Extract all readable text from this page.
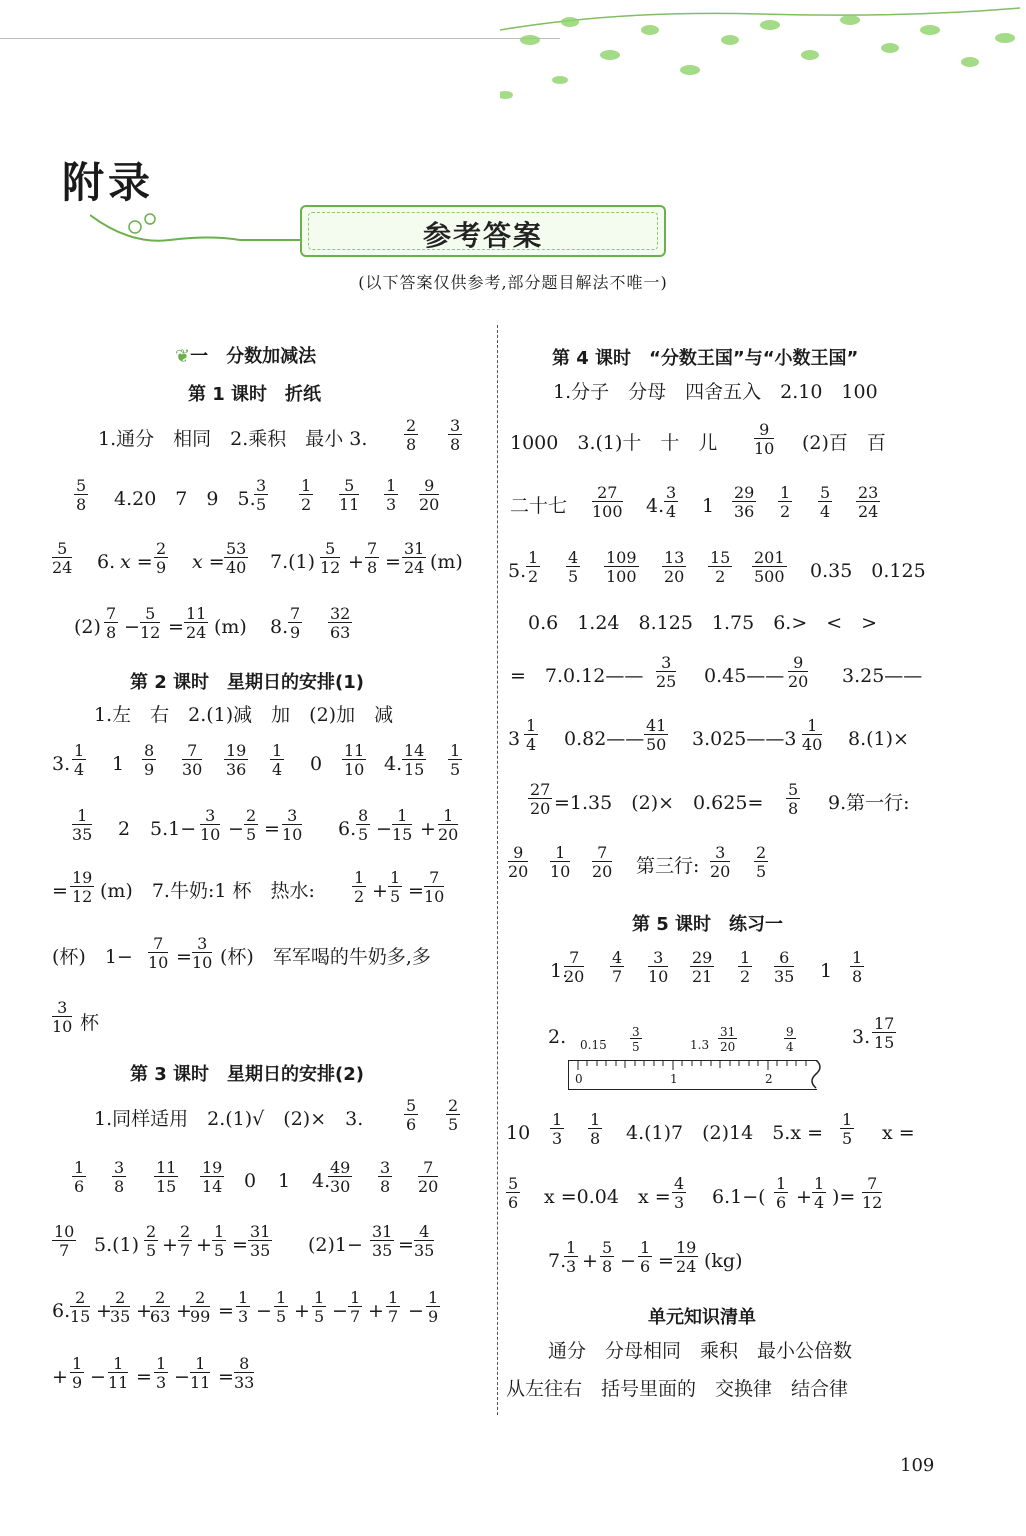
附录
参考答案
(以下答案仅供参考,部分题目解法不唯一)
❦一　分数加减法
第 1 课时　折纸
1.通分　相同　2.乘积　最小 3. $\frac{2}{8} \frac{3}{8}$
$\frac{5}{8} 4.20$　7　9　5.
$\frac{3}{5} \frac{1}{2} \frac{5}{11} \frac{1}{3} \frac{9}{20}$
$\frac{5}{24} 6$. $x = \frac{2}{9}$ $x = \frac{53}{40} 7.(1) \frac{5}{12} + \frac{7}{8} = \frac{31}{24} (m)$
$(2) \frac{7}{8} - \frac{5}{12} = \frac{11}{24} (m)$ 8. $\frac{7}{9} \frac{32}{63}$
第 2 课时　星期日的安排(1)
1.左　右　2.(1)减　加　(2)加　减
3. $\frac{1}{4} 1 \frac{8}{9} \frac{7}{30} \frac{19}{36} \frac{1}{4} 0 \frac{11}{10} 4$. $\frac{14}{15} \frac{1}{5}$
$\frac{1}{35} 2$ $5.1- \frac{3}{10} - \frac{2}{5} = \frac{3}{10} 6$. $\frac{8}{5} - \frac{1}{15} + \frac{1}{20}$
= $\frac{19}{12} (m)$　7.牛奶:1 杯　热水: $\frac{1}{2} + \frac{1}{5} = \frac{7}{10}$
(杯)　$1- \frac{7}{10} = \frac{3}{10}$ (杯)　军军喝的牛奶多,多
$\frac{3}{10}$ 杯
第 3 课时　星期日的安排(2)
1.同样适用　2.(1)√　(2)×　3.	$\frac{5}{6} \frac{2}{5}$
$\frac{1}{6} \frac{3}{8} \frac{11}{15} \frac{19}{14} 0$ 1 4.
$\frac{49}{30} \frac{3}{8} \frac{7}{20}$
$\frac{10}{7} 5.(1) \frac{2}{5} + \frac{2}{7} + \frac{1}{5} = \frac{31}{35} (2)1- \frac{31}{35} = \frac{4}{35}$
6. $\frac{2}{15}$ +
$\frac{2}{35}$ +
$\frac{2}{63}$ +
$\frac{2}{99} = \frac{1}{3} - \frac{1}{5} + \frac{1}{5} - \frac{1}{7} + \frac{1}{7} - \frac{1}{9}$
+ $\frac{1}{9} - \frac{1}{11} = \frac{1}{3} - \frac{1}{11} = \frac{8}{33}$
第 4 课时　“分数王国”与“小数王国”
1.分子　分母　四舍五入　2.10　100
1000　3.(1)十　十　儿 $\frac{9}{10} (2)$百　百
二十七 $\frac{27}{100} 4$. $\frac{3}{4} 1 \frac{29}{36} \frac{1}{2} \frac{5}{4} \frac{23}{24}$
5. $\frac{1}{2} \frac{4}{5} \frac{109}{100} \frac{13}{20} \frac{15}{2} \frac{201}{500} 0.35$　0.125
0.6　1.24　8.125　1.75　6.>　<　>
=　7.0.12—— $\frac{3}{25}$ 0.45—— $\frac{9}{20}$ 3.25——
$3 \frac{1}{4}$ 0.82—— $\frac{41}{50}$ 3.025——3 $\frac{1}{40} 8.(1)\times$
$\frac{27}{20} =1.35$　(2)×　$0.625= \frac{5}{8} 9$.第一行:
$\frac{9}{20} \frac{1}{10} \frac{7}{20}$ 第三行: $\frac{3}{20} \frac{2}{5}$
第 5 课时　练习一
1.
$\frac{7}{20} \frac{4}{7} \frac{3}{10} \frac{29}{21} \frac{1}{2} \frac{6}{35} 1 \frac{1}{8}$
2. $0.15 \frac{3}{5}$	$1.3 \frac{31}{20}$	$\frac{9}{4}$
0	1	2
3. $\frac{17}{15}$
$10 \frac{1}{3} \frac{1}{8} 4.(1)7$　(2)14　$5.x = \frac{1}{5}$ x =
$\frac{5}{6}$ x =0.04　$x = \frac{4}{3} 6.1-( \frac{1}{6} + \frac{1}{4}$ )= $\frac{7}{12}$
7.
$\frac{1}{3} + \frac{5}{8} - \frac{1}{6} = \frac{19}{24} (kg)$
单元知识清单
通分　分母相同　乘积　最小公倍数
从左往右　括号里面的　交换律　结合律
109
